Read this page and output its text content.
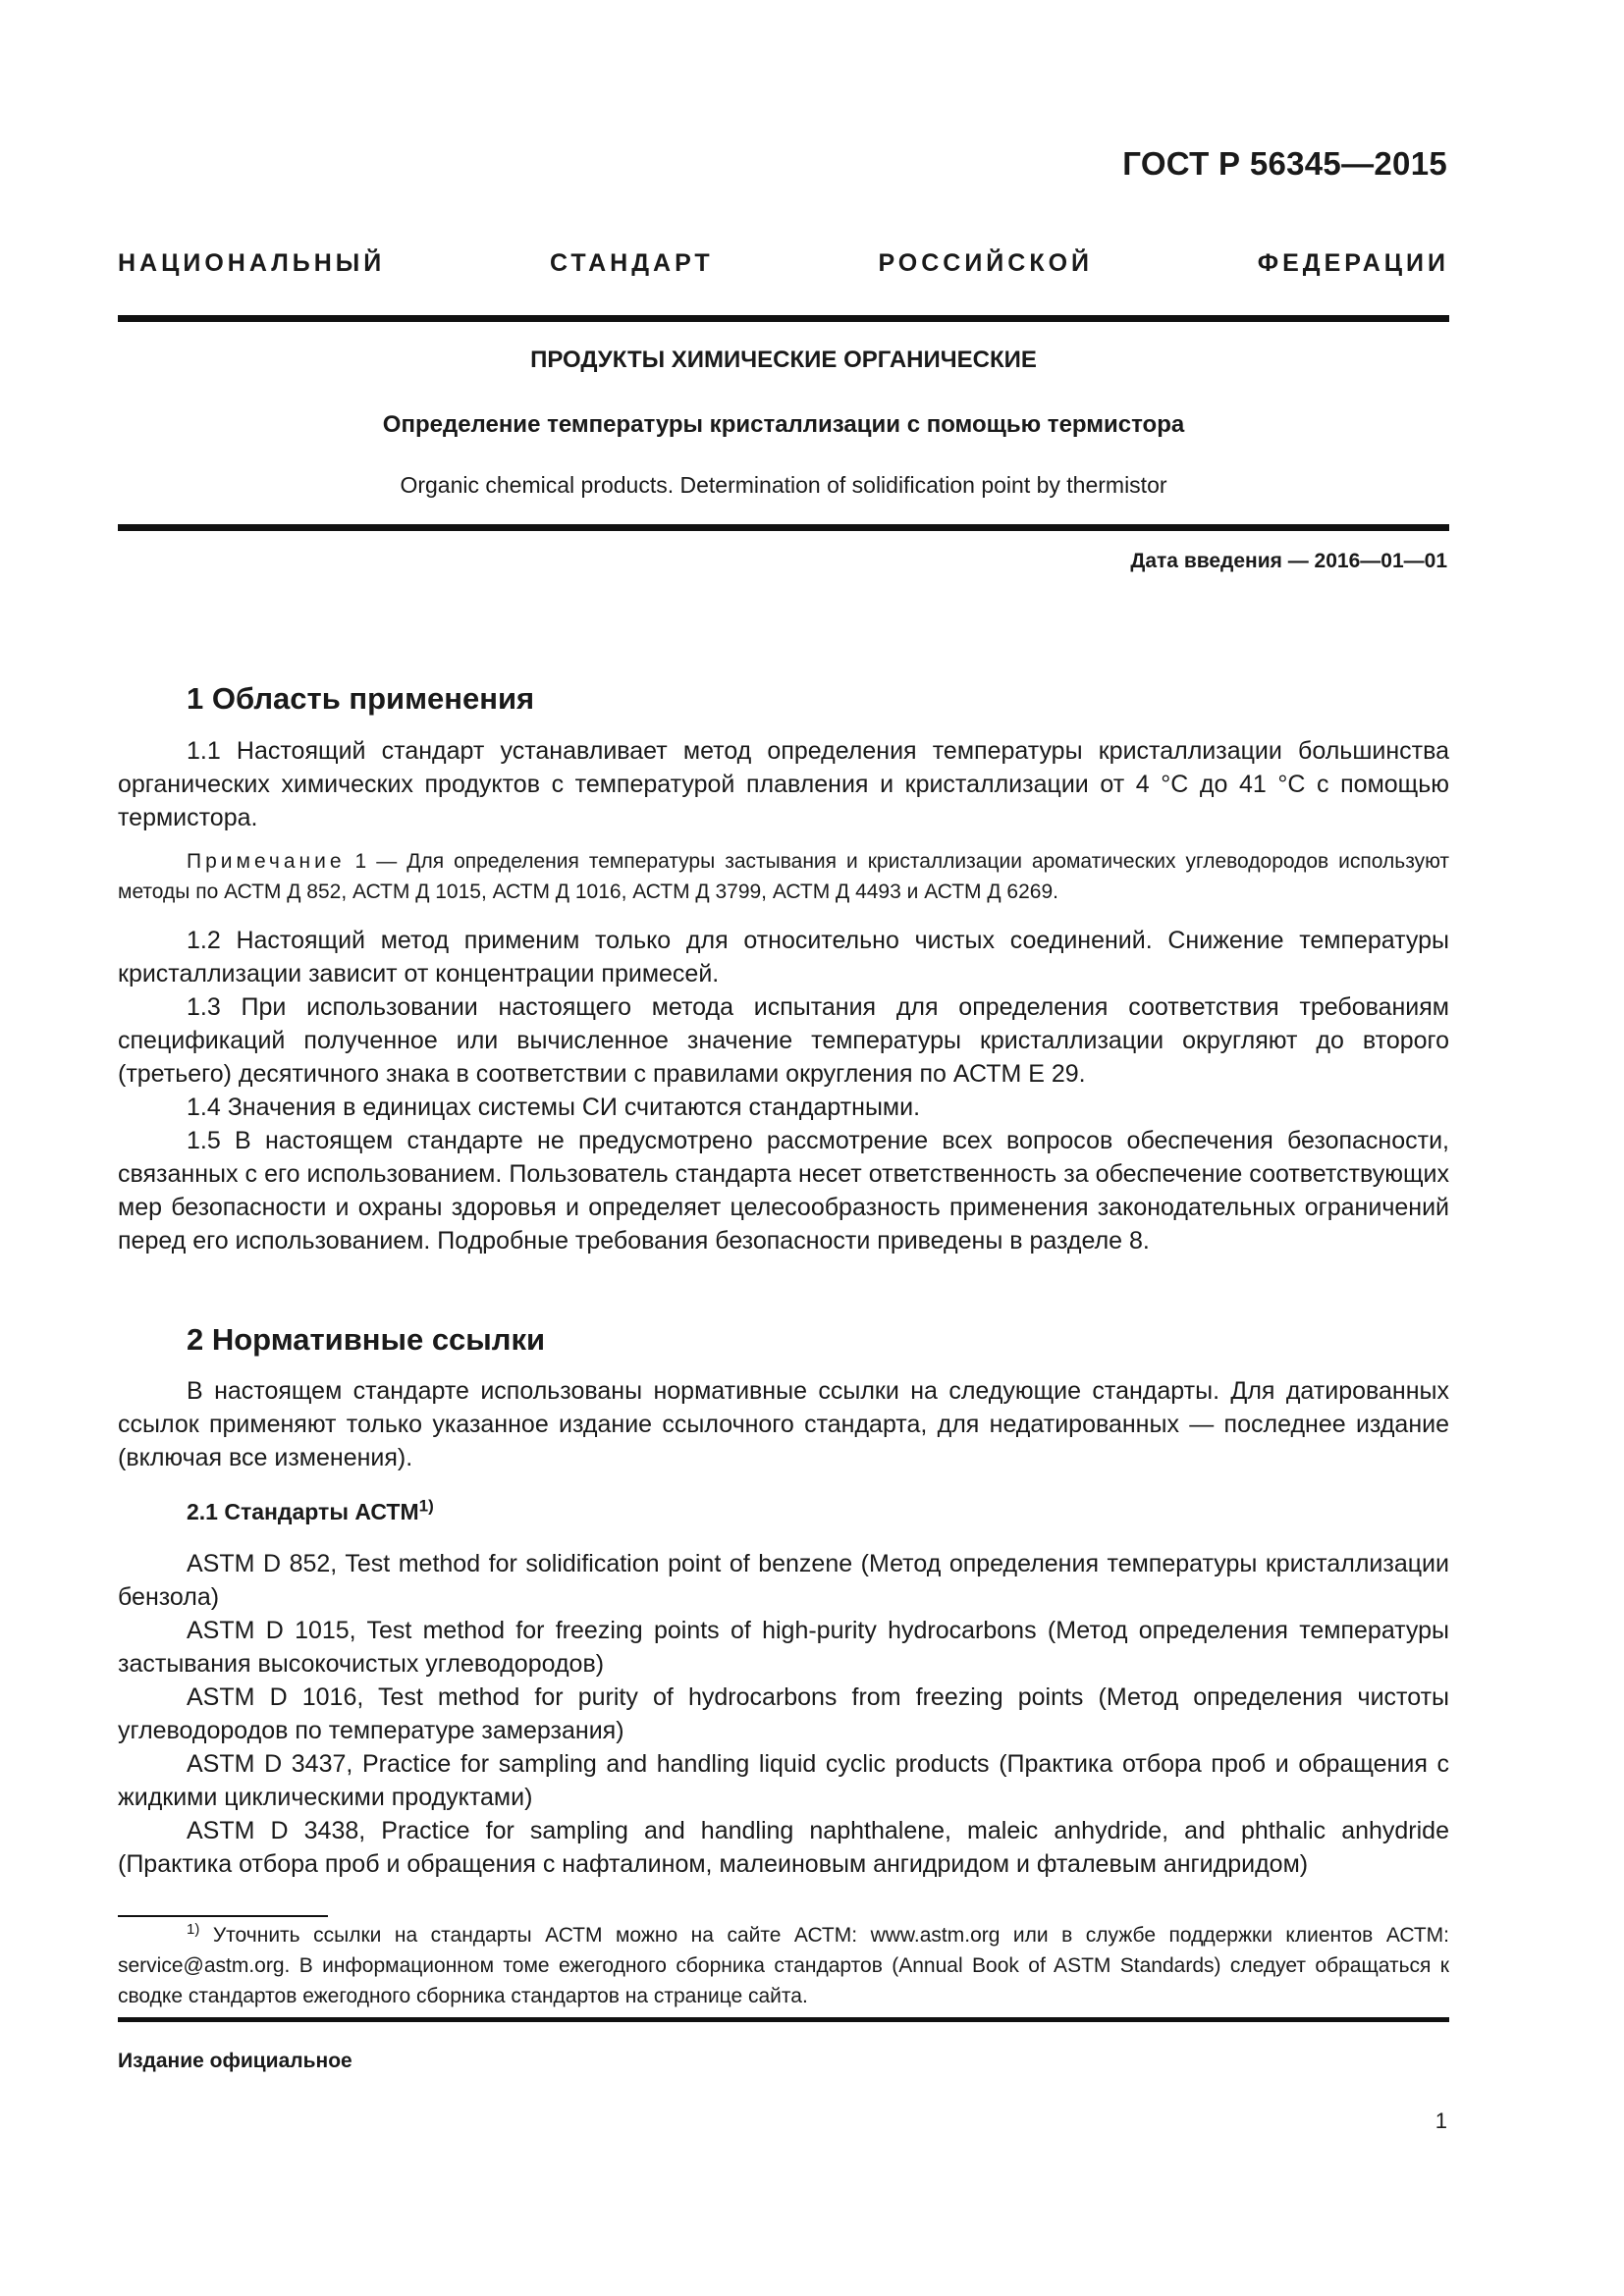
ГОСТ Р 56345—2015
НАЦИОНАЛЬНЫЙ	СТАНДАРТ	РОССИЙСКОЙ	ФЕДЕРАЦИИ
ПРОДУКТЫ ХИМИЧЕСКИЕ ОРГАНИЧЕСКИЕ
Определение температуры кристаллизации с помощью термистора
Organic chemical products. Determination of solidification point by thermistor
Дата введения — 2016—01—01
1 Область применения
1.1 Настоящий стандарт устанавливает метод определения температуры кристаллизации большинства органических химических продуктов с температурой плавления и кристаллизации от 4 °С до 41 °С с помощью термистора.
Примечание 1 — Для определения температуры застывания и кристаллизации ароматических углеводородов используют методы по АСТМ Д 852, АСТМ Д 1015, АСТМ Д 1016, АСТМ Д 3799, АСТМ Д 4493 и АСТМ Д 6269.
1.2 Настоящий метод применим только для относительно чистых соединений. Снижение температуры кристаллизации зависит от концентрации примесей.
1.3 При использовании настоящего метода испытания для определения соответствия требованиям спецификаций полученное или вычисленное значение температуры кристаллизации округляют до второго (третьего) десятичного знака в соответствии с правилами округления по АСТМ Е 29.
1.4 Значения в единицах системы СИ считаются стандартными.
1.5 В настоящем стандарте не предусмотрено рассмотрение всех вопросов обеспечения безопасности, связанных с его использованием. Пользователь стандарта несет ответственность за обеспечение соответствующих мер безопасности и охраны здоровья и определяет целесообразность применения законодательных ограничений перед его использованием. Подробные требования безопасности приведены в разделе 8.
2 Нормативные ссылки
В настоящем стандарте использованы нормативные ссылки на следующие стандарты. Для датированных ссылок применяют только указанное издание ссылочного стандарта, для недатированных — последнее издание (включая все изменения).
2.1 Стандарты АСТМ$^{1)}$
ASTM D 852, Test method for solidification point of benzene (Метод определения температуры кристаллизации бензола)
ASTM D 1015, Test method for freezing points of high-purity hydrocarbons (Метод определения температуры застывания высокочистых углеводородов)
ASTM D 1016, Test method for purity of hydrocarbons from freezing points (Метод определения чистоты углеводородов по температуре замерзания)
ASTM D 3437, Practice for sampling and handling liquid cyclic products (Практика отбора проб и обращения с жидкими циклическими продуктами)
ASTM D 3438, Practice for sampling and handling naphthalene, maleic anhydride, and phthalic anhydride (Практика отбора проб и обращения с нафталином, малеиновым ангидридом и фталевым ангидридом)
$^{1)}$ Уточнить ссылки на стандарты АСТМ можно на сайте АСТМ: www.astm.org или в службе поддержки клиентов АСТМ: service@astm.org. В информационном томе ежегодного сборника стандартов (Annual Book of ASTM Standards) следует обращаться к сводке стандартов ежегодного сборника стандартов на странице сайта.
Издание официальное
1
